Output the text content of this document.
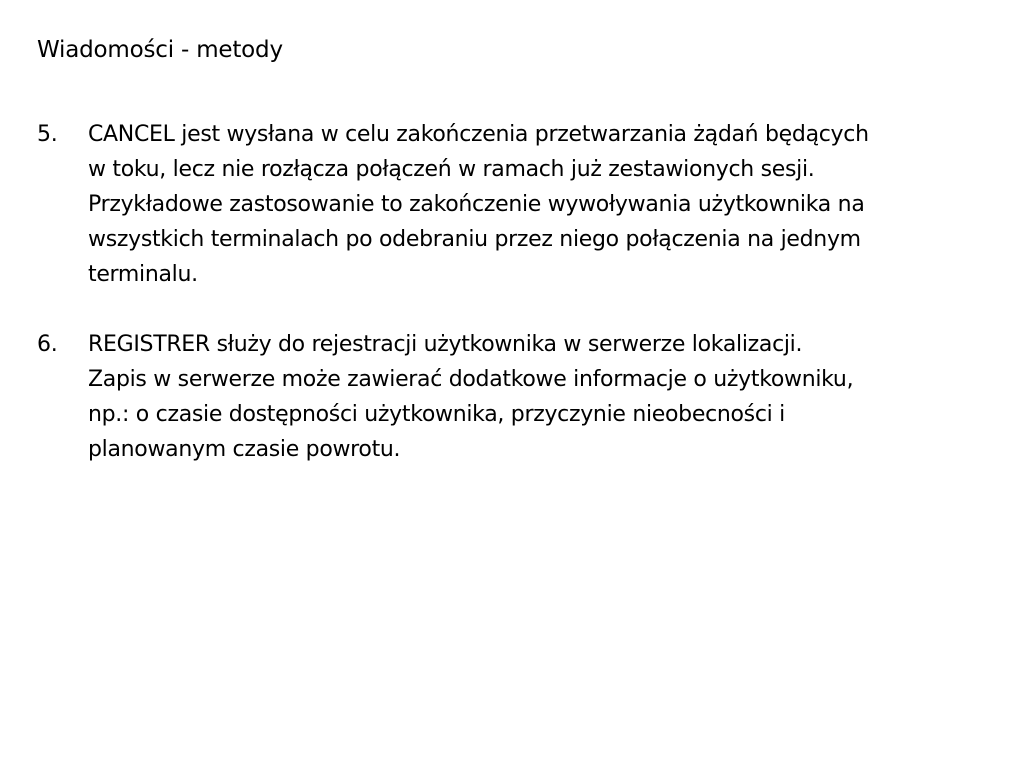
Wiadomości - metody
5. CANCEL jest wysłana w celu zakończenia przetwarzania żądań będących
w toku, lecz nie rozłącza połączeń w ramach już zestawionych sesji.
Przykładowe zastosowanie to zakończenie wywoływania użytkownika na
wszystkich terminalach po odebraniu przez niego połączenia na jednym
terminalu.
6. REGISTRER służy do rejestracji użytkownika w serwerze lokalizacji.
Zapis w serwerze może zawierać dodatkowe informacje o użytkowniku,
np.: o czasie dostępności użytkownika, przyczynie nieobecności i
planowanym czasie powrotu.
